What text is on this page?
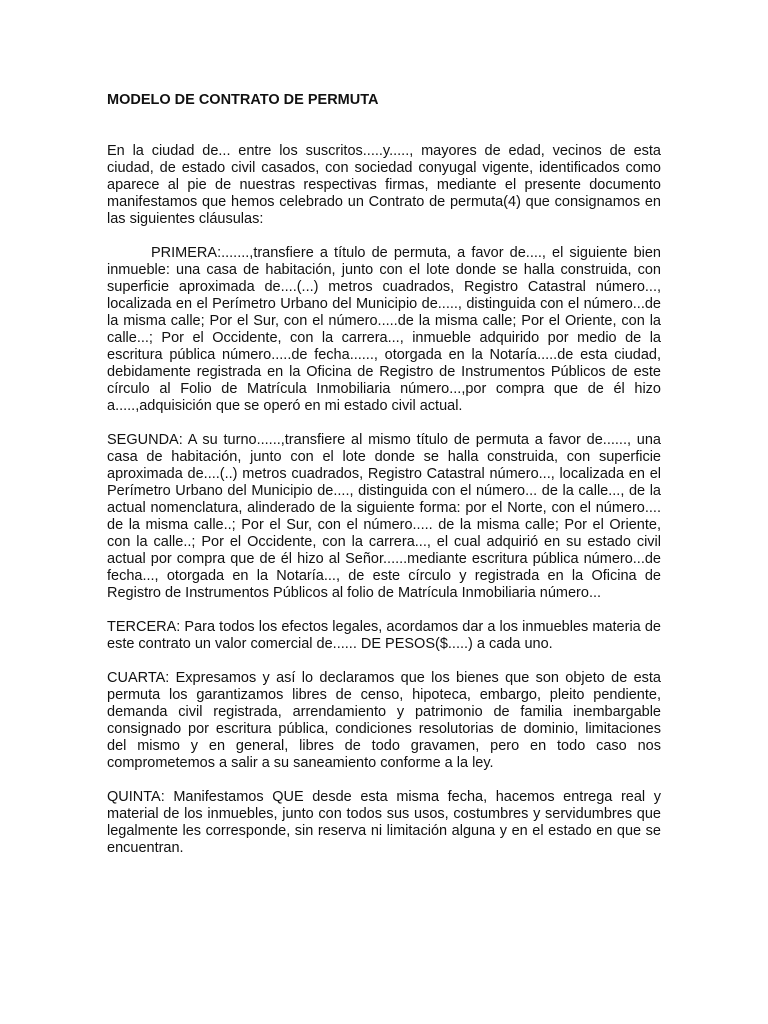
MODELO DE CONTRATO DE PERMUTA

En la ciudad de... entre los suscritos.....y....., mayores de edad, vecinos de esta ciudad, de estado civil casados, con sociedad conyugal vigente, identificados como aparece al pie de nuestras respectivas firmas, mediante el presente documento manifestamos que hemos celebrado un Contrato de permuta(4) que consignamos en las siguientes cláusulas:

PRIMERA:.......,transfiere a título de permuta, a favor de...., el siguiente bien inmueble: una casa de habitación, junto con el lote donde se halla construida, con superficie aproximada de....(...) metros cuadrados, Registro Catastral número..., localizada en el Perímetro Urbano del Municipio de....., distinguida con el número...de la misma calle; Por el Sur, con el número.....de la misma calle; Por el Oriente, con la calle...; Por el Occidente, con la carrera..., inmueble adquirido por medio de la escritura pública número.....de fecha......, otorgada en la Notaría.....de esta ciudad, debidamente registrada en la Oficina de Registro de Instrumentos Públicos de este círculo al Folio de Matrícula Inmobiliaria número...,por compra que de él hizo a.....,adquisición que se operó en mi estado civil actual.

SEGUNDA: A su turno......,transfiere al mismo título de permuta a favor de......, una casa de habitación, junto con el lote donde se halla construida, con superficie aproximada de....(..) metros cuadrados, Registro Catastral número..., localizada en el Perímetro Urbano del Municipio de...., distinguida con el número... de la calle..., de la actual nomenclatura, alinderado de la siguiente forma: por el Norte, con el número.... de la misma calle..; Por el Sur, con el número..... de la misma calle; Por el Oriente, con la calle..; Por el Occidente, con la carrera..., el cual adquirió en su estado civil actual por compra que de él hizo al Señor......mediante escritura pública número...de fecha..., otorgada en la Notaría..., de este círculo y registrada en la Oficina de Registro de Instrumentos Públicos al folio de Matrícula Inmobiliaria número...

TERCERA: Para todos los efectos legales, acordamos dar a los inmuebles materia de este contrato un valor comercial de...... DE PESOS($.....) a cada uno.

CUARTA: Expresamos y así lo declaramos que los bienes que son objeto de esta permuta los garantizamos libres de censo, hipoteca, embargo, pleito pendiente, demanda civil registrada, arrendamiento y patrimonio de familia inembargable consignado por escritura pública, condiciones resolutorias de dominio, limitaciones del mismo y en general, libres de todo gravamen, pero en todo caso nos comprometemos a salir a su saneamiento conforme a la ley.

QUINTA: Manifestamos QUE desde esta misma fecha, hacemos entrega real y material de los inmuebles, junto con todos sus usos, costumbres y servidumbres que legalmente les corresponde, sin reserva ni limitación alguna y en el estado en que se encuentran.
